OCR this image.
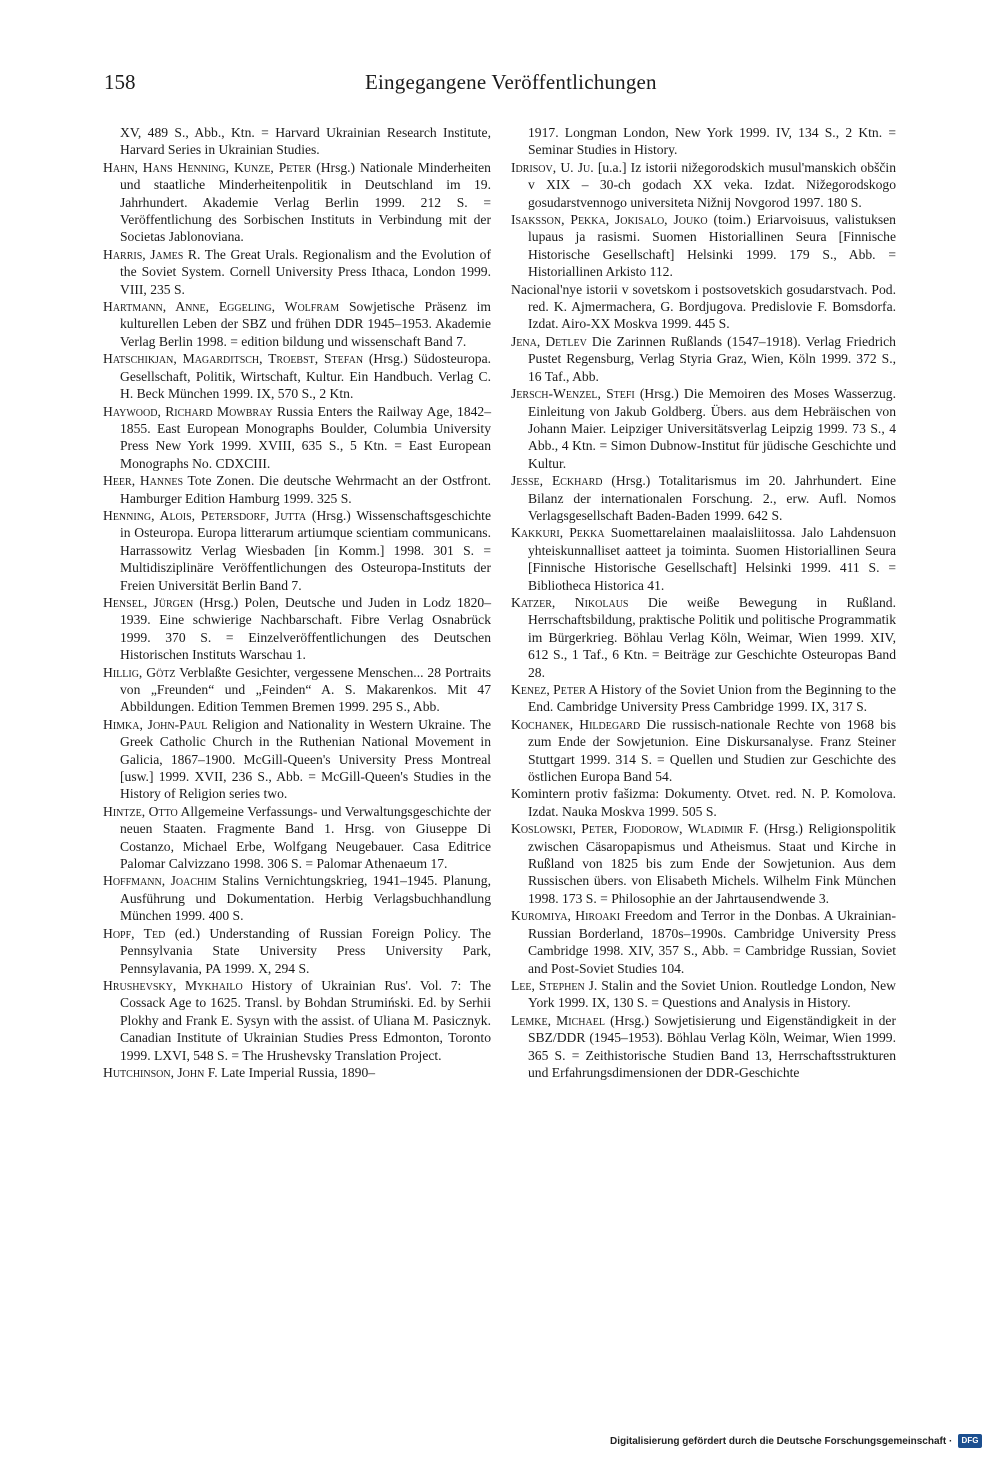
158	Eingegangene Veröffentlichungen

XV, 489 S., Abb., Ktn. = Harvard Ukrainian Research Institute, Harvard Series in Ukrainian Studies.

Hahn, Hans Henning, Kunze, Peter (Hrsg.) Nationale Minderheiten und staatliche Minderheitenpolitik in Deutschland im 19. Jahrhundert. Akademie Verlag Berlin 1999. 212 S. = Veröffentlichung des Sorbischen Instituts in Verbindung mit der Societas Jablonoviana.

Harris, James R. The Great Urals. Regionalism and the Evolution of the Soviet System. Cornell University Press Ithaca, London 1999. VIII, 235 S.

Hartmann, Anne, Eggeling, Wolfram Sowjetische Präsenz im kulturellen Leben der SBZ und frühen DDR 1945–1953. Akademie Verlag Berlin 1998. = edition bildung und wissenschaft Band 7.

Hatschikjan, Magarditsch, Troebst, Stefan (Hrsg.) Südosteuropa. Gesellschaft, Politik, Wirtschaft, Kultur. Ein Handbuch. Verlag C. H. Beck München 1999. IX, 570 S., 2 Ktn.

Haywood, Richard Mowbray Russia Enters the Railway Age, 1842–1855. East European Monographs Boulder, Columbia University Press New York 1999. XVIII, 635 S., 5 Ktn. = East European Monographs No. CDXCIII.

Heer, Hannes Tote Zonen. Die deutsche Wehrmacht an der Ostfront. Hamburger Edition Hamburg 1999. 325 S.

Henning, Alois, Petersdorf, Jutta (Hrsg.) Wissenschaftsgeschichte in Osteuropa. Europa litterarum artiumque scientiam communicans. Harrassowitz Verlag Wiesbaden [in Komm.] 1998. 301 S. = Multidisziplinäre Veröffentlichungen des Osteuropa-Instituts der Freien Universität Berlin Band 7.

Hensel, Jürgen (Hrsg.) Polen, Deutsche und Juden in Lodz 1820–1939. Eine schwierige Nachbarschaft. Fibre Verlag Osnabrück 1999. 370 S. = Einzelveröffentlichungen des Deutschen Historischen Instituts Warschau 1.

Hillig, Götz Verblaßte Gesichter, vergessene Menschen... 28 Portraits von „Freunden“ und „Feinden“ A. S. Makarenkos. Mit 47 Abbildungen. Edition Temmen Bremen 1999. 295 S., Abb.

Himka, John-Paul Religion and Nationality in Western Ukraine. The Greek Catholic Church in the Ruthenian National Movement in Galicia, 1867–1900. McGill-Queen's University Press Montreal [usw.] 1999. XVII, 236 S., Abb. = McGill-Queen's Studies in the History of Religion series two.

Hintze, Otto Allgemeine Verfassungs- und Verwaltungsgeschichte der neuen Staaten. Fragmente Band 1. Hrsg. von Giuseppe Di Costanzo, Michael Erbe, Wolfgang Neugebauer. Casa Editrice Palomar Calvizzano 1998. 306 S. = Palomar Athenaeum 17.

Hoffmann, Joachim Stalins Vernichtungskrieg, 1941–1945. Planung, Ausführung und Dokumentation. Herbig Verlagsbuchhandlung München 1999. 400 S.

Hopf, Ted (ed.) Understanding of Russian Foreign Policy. The Pennsylvania State University Press University Park, Pennsylavania, PA 1999. X, 294 S.

Hrushevsky, Mykhailo History of Ukrainian Rus'. Vol. 7: The Cossack Age to 1625. Transl. by Bohdan Strumiński. Ed. by Serhii Plokhy and Frank E. Sysyn with the assist. of Uliana M. Pasicznyk. Canadian Institute of Ukrainian Studies Press Edmonton, Toronto 1999. LXVI, 548 S. = The Hrushevsky Translation Project.

Hutchinson, John F. Late Imperial Russia, 1890–

1917. Longman London, New York 1999. IV, 134 S., 2 Ktn. = Seminar Studies in History.

Idrisov, U. Ju. [u.a.] Iz istorii nižegorodskich musul'manskich obščin v XIX – 30-ch godach XX veka. Izdat. Nižegorodskogo gosudarstvennogo universiteta Nižnij Novgorod 1997. 180 S.

Isaksson, Pekka, Jokisalo, Jouko (toim.) Eriarvoisuus, valistuksen lupaus ja rasismi. Suomen Historiallinen Seura [Finnische Historische Gesellschaft] Helsinki 1999. 179 S., Abb. = Historiallinen Arkisto 112.

Nacional'nye istorii v sovetskom i postsovetskich gosudarstvach. Pod. red. K. Ajmermachera, G. Bordjugova. Predislovie F. Bomsdorfa. Izdat. Airo-XX Moskva 1999. 445 S.

Jena, Detlev Die Zarinnen Rußlands (1547–1918). Verlag Friedrich Pustet Regensburg, Verlag Styria Graz, Wien, Köln 1999. 372 S., 16 Taf., Abb.

Jersch-Wenzel, Stefi (Hrsg.) Die Memoiren des Moses Wasserzug. Einleitung von Jakub Goldberg. Übers. aus dem Hebräischen von Johann Maier. Leipziger Universitätsverlag Leipzig 1999. 73 S., 4 Abb., 4 Ktn. = Simon Dubnow-Institut für jüdische Geschichte und Kultur.

Jesse, Eckhard (Hrsg.) Totalitarismus im 20. Jahrhundert. Eine Bilanz der internationalen Forschung. 2., erw. Aufl. Nomos Verlagsgesellschaft Baden-Baden 1999. 642 S.

Kakkuri, Pekka Suomettarelainen maalaisliitossa. Jalo Lahdensuon yhteiskunnalliset aatteet ja toiminta. Suomen Historiallinen Seura [Finnische Historische Gesellschaft] Helsinki 1999. 411 S. = Bibliotheca Historica 41.

Katzer, Nikolaus Die weiße Bewegung in Rußland. Herrschaftsbildung, praktische Politik und politische Programmatik im Bürgerkrieg. Böhlau Verlag Köln, Weimar, Wien 1999. XIV, 612 S., 1 Taf., 6 Ktn. = Beiträge zur Geschichte Osteuropas Band 28.

Kenez, Peter A History of the Soviet Union from the Beginning to the End. Cambridge University Press Cambridge 1999. IX, 317 S.

Kochanek, Hildegard Die russisch-nationale Rechte von 1968 bis zum Ende der Sowjetunion. Eine Diskursanalyse. Franz Steiner Stuttgart 1999. 314 S. = Quellen und Studien zur Geschichte des östlichen Europa Band 54.

Komintern protiv fašizma: Dokumenty. Otvet. red. N. P. Komolova. Izdat. Nauka Moskva 1999. 505 S.

Koslowski, Peter, Fjodorow, Wladimir F. (Hrsg.) Religionspolitik zwischen Cäsaropapismus und Atheismus. Staat und Kirche in Rußland von 1825 bis zum Ende der Sowjetunion. Aus dem Russischen übers. von Elisabeth Michels. Wilhelm Fink München 1998. 173 S. = Philosophie an der Jahrtausendwende 3.

Kuromiya, Hiroaki Freedom and Terror in the Donbas. A Ukrainian-Russian Borderland, 1870s–1990s. Cambridge University Press Cambridge 1998. XIV, 357 S., Abb. = Cambridge Russian, Soviet and Post-Soviet Studies 104.

Lee, Stephen J. Stalin and the Soviet Union. Routledge London, New York 1999. IX, 130 S. = Questions and Analysis in History.

Lemke, Michael (Hrsg.) Sowjetisierung und Eigenständigkeit in der SBZ/DDR (1945–1953). Böhlau Verlag Köln, Weimar, Wien 1999. 365 S. = Zeithistorische Studien Band 13, Herrschaftsstrukturen und Erfahrungsdimensionen der DDR-Geschichte

Digitalisierung gefördert durch die Deutsche Forschungsgemeinschaft ·	DFG
